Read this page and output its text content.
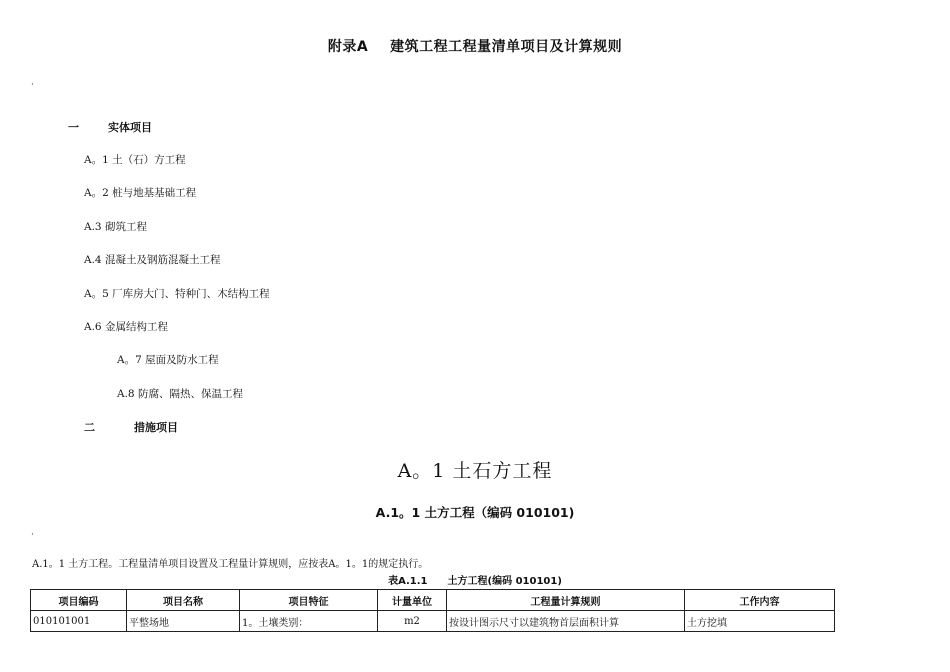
附录A 建筑工程工程量清单项目及计算规则
·
一	实体项目
A。1 土（石）方工程
A。2 桩与地基基础工程
A.3 砌筑工程
A.4 混凝土及钢筋混凝土工程
A。5 厂库房大门、特种门、木结构工程
A.6 金属结构工程
A。7 屋面及防水工程
A.8 防腐、隔热、保温工程
二	措施项目
A。1 土石方工程
A.1。1 土方工程（编码 010101)
·
A.1。1 土方工程。工程量清单项目设置及工程量计算规则，应按表A。1。1的规定执行。
表A.1.1 土方工程(编码 010101)
项目编码	项目名称	项目特征	计量单位	工程量计算规则	工作内容
010101001	平整场地	1。土壤类别：	m2	按设计图示尺寸以建筑物首层面积计算	土方挖填
